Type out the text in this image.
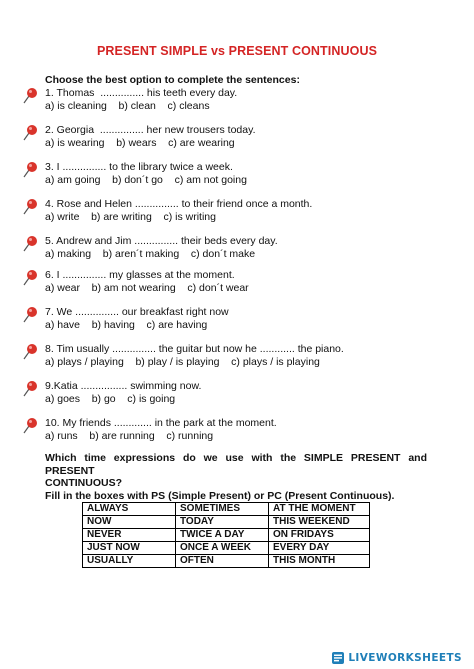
PRESENT SIMPLE vs PRESENT CONTINUOUS
Choose the best option to complete the sentences:
1. Thomas  ............... his teeth every day.
a) is cleaning    b) clean    c) cleans
2. Georgia  ............... her new trousers today.
a) is wearing    b) wears    c) are wearing
3. I ............... to the library twice a week.
a) am going    b) don´t go    c) am not going
4. Rose and Helen ............... to their friend once a month.
a) write    b) are writing    c) is writing
5. Andrew and Jim ............... their beds every day.
a) making    b) aren´t making    c) don´t make
6. I ............... my glasses at the moment.
a) wear    b) am not wearing    c) don´t wear
7. We ............... our breakfast right now
a) have    b) having    c) are having
8. Tim usually ............... the guitar but now he ............ the piano.
a) plays / playing    b) play / is playing    c) plays / is playing
9.Katia ................ swimming now.
a) goes    b) go    c) is going
10. My friends ............. in the park at the moment.
a) runs    b) are running    c) running
Which time expressions do we use with the SIMPLE PRESENT and PRESENT
CONTINUOUS?
Fill in the boxes with PS (Simple Present) or PC (Present Continuous).
ALWAYS	SOMETIMES	AT THE MOMENT
NOW	TODAY	THIS WEEKEND
NEVER	TWICE A DAY	ON FRIDAYS
JUST NOW	ONCE A WEEK	EVERY DAY
USUALLY	OFTEN	THIS MONTH
LIVEWORKSHEETS
